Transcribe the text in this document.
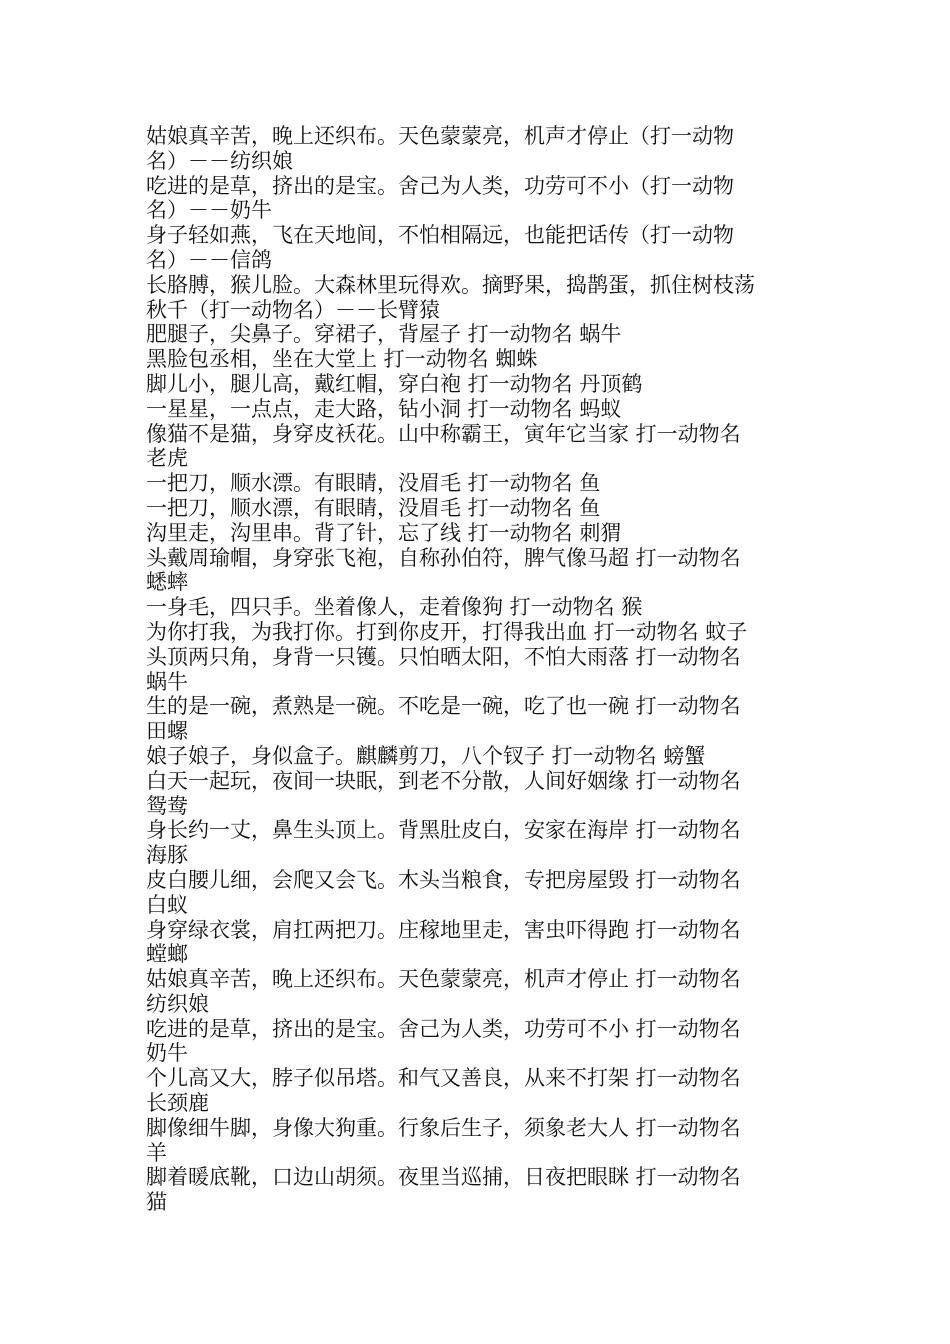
姑娘真辛苦，晚上还织布。天色蒙蒙亮，机声才停止（打一动物
名）－－纺织娘
吃进的是草，挤出的是宝。舍己为人类，功劳可不小（打一动物
名）－－奶牛
身子轻如燕，飞在天地间，不怕相隔远，也能把话传（打一动物
名）－－信鸽
长胳膊，猴儿脸。大森林里玩得欢。摘野果，捣鹊蛋，抓住树枝荡
秋千（打一动物名）－－长臂猿
肥腿子，尖鼻子。穿裙子，背屋子 打一动物名 蜗牛
黑脸包丞相，坐在大堂上 打一动物名 蜘蛛
脚儿小，腿儿高，戴红帽，穿白袍 打一动物名 丹顶鹤
一星星，一点点，走大路，钻小洞 打一动物名 蚂蚁
像猫不是猫，身穿皮袄花。山中称霸王，寅年它当家 打一动物名
老虎
一把刀，顺水漂。有眼睛，没眉毛 打一动物名 鱼
一把刀，顺水漂，有眼睛，没眉毛 打一动物名 鱼
沟里走，沟里串。背了针，忘了线 打一动物名 刺猬
头戴周瑜帽，身穿张飞袍，自称孙伯符，脾气像马超 打一动物名
蟋蟀
一身毛，四只手。坐着像人，走着像狗 打一动物名 猴
为你打我，为我打你。打到你皮开，打得我出血 打一动物名 蚊子
头顶两只角，身背一只镬。只怕晒太阳，不怕大雨落 打一动物名
蜗牛
生的是一碗，煮熟是一碗。不吃是一碗，吃了也一碗 打一动物名
田螺
娘子娘子，身似盒子。麒麟剪刀，八个钗子 打一动物名 螃蟹
白天一起玩，夜间一块眠，到老不分散，人间好姻缘 打一动物名
鸳鸯
身长约一丈，鼻生头顶上。背黑肚皮白，安家在海岸 打一动物名
海豚
皮白腰儿细，会爬又会飞。木头当粮食，专把房屋毁 打一动物名
白蚁
身穿绿衣裳，肩扛两把刀。庄稼地里走，害虫吓得跑 打一动物名
螳螂
姑娘真辛苦，晚上还织布。天色蒙蒙亮，机声才停止 打一动物名
纺织娘
吃进的是草，挤出的是宝。舍己为人类，功劳可不小 打一动物名
奶牛
个儿高又大，脖子似吊塔。和气又善良，从来不打架 打一动物名
长颈鹿
脚像细牛脚，身像大狗重。行象后生子，须象老大人 打一动物名
羊
脚着暖底靴，口边山胡须。夜里当巡捕，日夜把眼眯 打一动物名
猫
